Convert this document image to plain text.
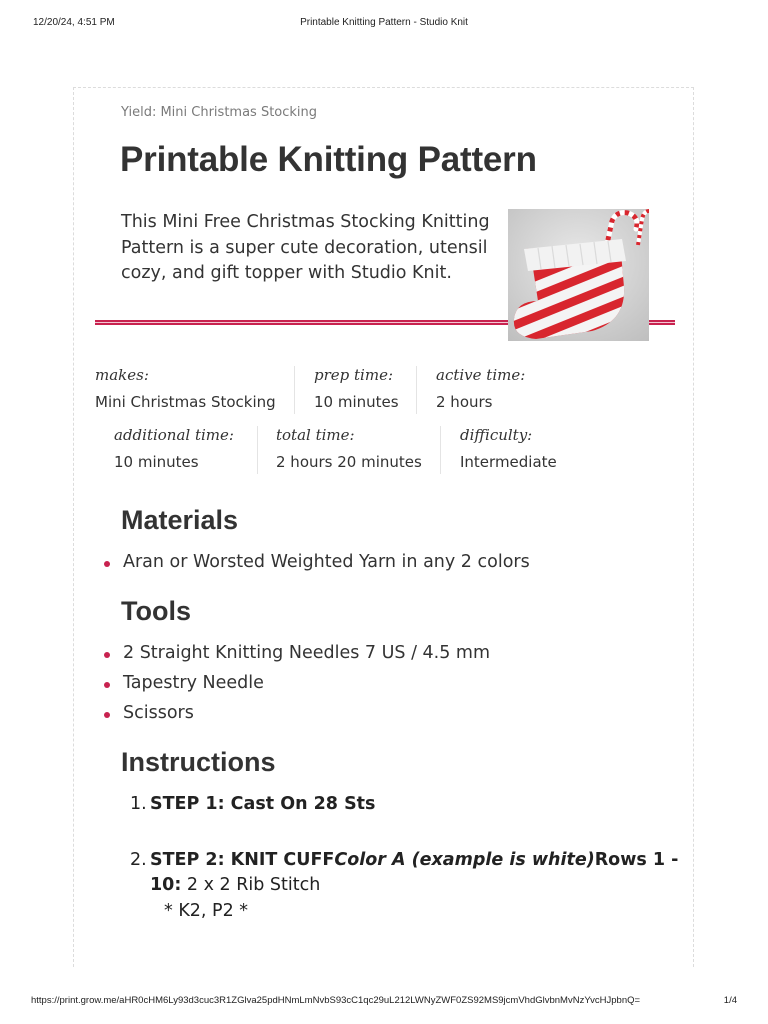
12/20/24, 4:51 PM	Printable Knitting Pattern - Studio Knit
Yield: Mini Christmas Stocking
Printable Knitting Pattern

This Mini Free Christmas Stocking Knitting Pattern is a super cute decoration, utensil cozy, and gift topper with Studio Knit.

makes:
Mini Christmas Stocking
prep time:
10 minutes
active time:
2 hours
additional time:
10 minutes
total time:
2 hours 20 minutes
difficulty:
Intermediate
Materials
Aran or Worsted Weighted Yarn in any 2 colors
Tools
2 Straight Knitting Needles 7 US / 4.5 mm
Tapestry Needle
Scissors
Instructions
1. STEP 1: Cast On 28 Sts
2. STEP 2: KNIT CUFFColor A (example is white)Rows 1 -
10: 2 x 2 Rib Stitch
* K2, P2 *
https://print.grow.me/aHR0cHM6Ly93d3cuc3R1ZGlva25pdHNmLmNvbS93cC1qc29uL212LWNyZWF0ZS92MS9jcmVhdGlvbnMvNzYvcHJpbnQ=	1/4
